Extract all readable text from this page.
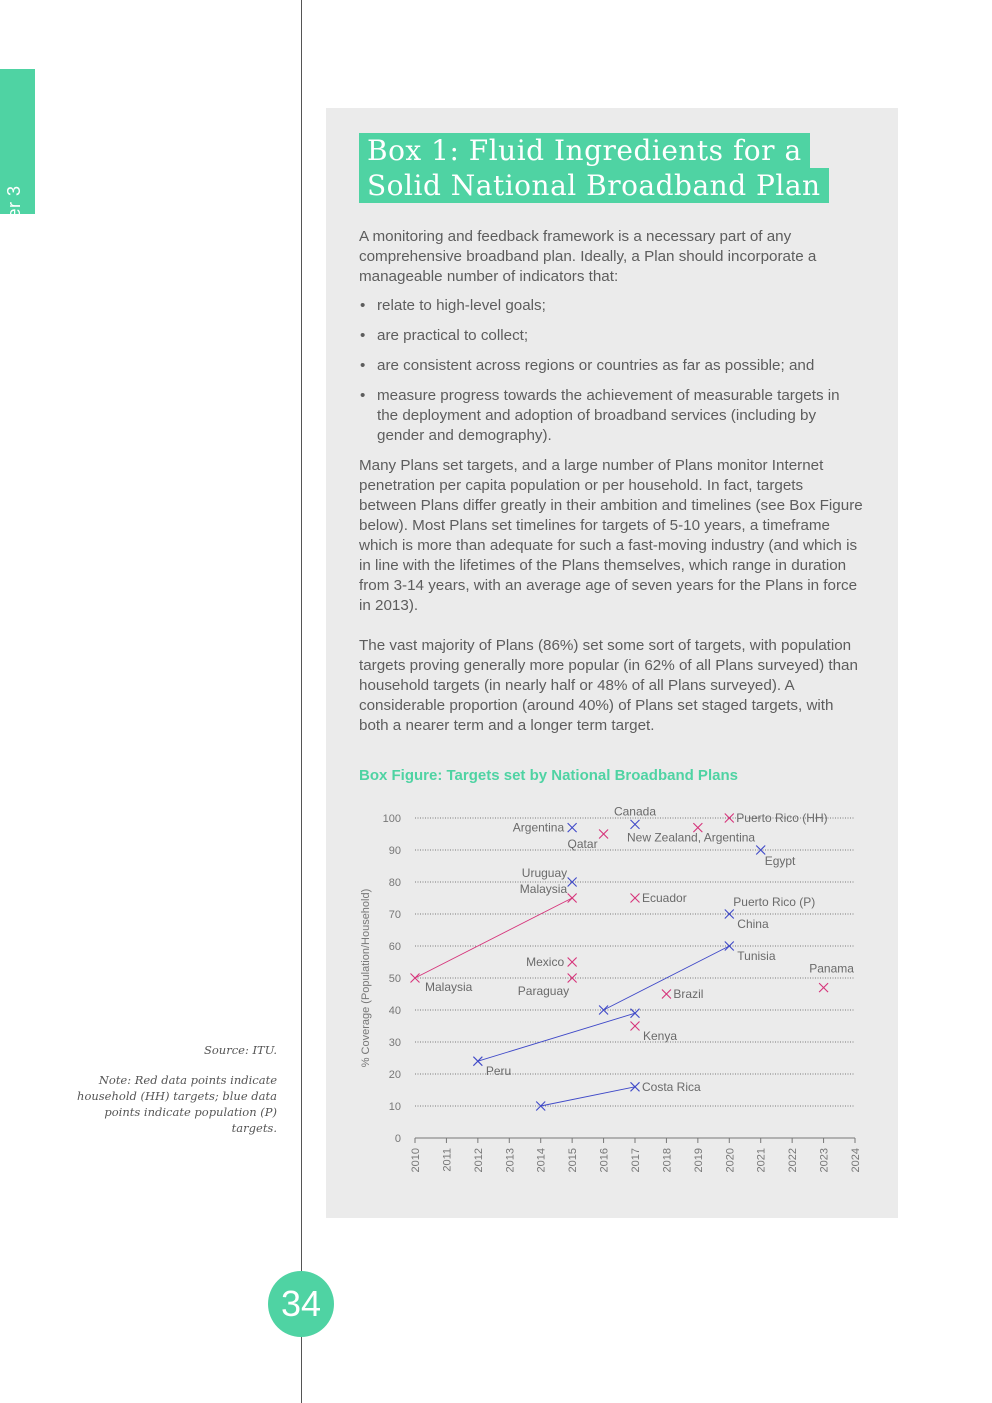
Chapter 3
Box 1: Fluid Ingredients for a
Solid National Broadband Plan
A monitoring and feedback framework is a necessary part of any comprehensive broadband plan. Ideally, a Plan should incorporate a manageable number of indicators that:
• relate to high-level goals;
• are practical to collect;
• are consistent across regions or countries as far as possible; and
• measure progress towards the achievement of measurable targets in the deployment and adoption of broadband services (including by gender and demography).
Many Plans set targets, and a large number of Plans monitor Internet penetration per capita population or per household. In fact, targets between Plans differ greatly in their ambition and timelines (see Box Figure below). Most Plans set timelines for targets of 5-10 years, a timeframe which is more than adequate for such a fast-moving industry (and which is in line with the lifetimes of the Plans themselves, which range in duration from 3-14 years, with an average age of seven years for the Plans in force in 2013).
The vast majority of Plans (86%) set some sort of targets, with population targets proving generally more popular (in 62% of all Plans surveyed) than household targets (in nearly half or 48% of all Plans surveyed). A considerable proportion (around 40%) of Plans set staged targets, with both a nearer term and a longer term target.
Box Figure: Targets set by National Broadband Plans
0
10
20
30
40
50
60
70
80
90
100
2010 2011 2012 2013 2014 2015 2016 2017 2018 2019 2020 2021 2022 2023 2024
% Coverage (Population/Household)
Canada	Puerto Rico (HH)
Argentina
Qatar New Zealand, Argentina
Egypt
Uruguay
Malaysia
Ecuador	Puerto Rico (P)
China
Tunisia
Mexico	Panama
Malaysia	Paraguay	Brazil
Kenya
Peru
Costa Rica
Source: ITU.
Note: Red data points indicate household (HH) targets; blue data points indicate population (P) targets.
34
